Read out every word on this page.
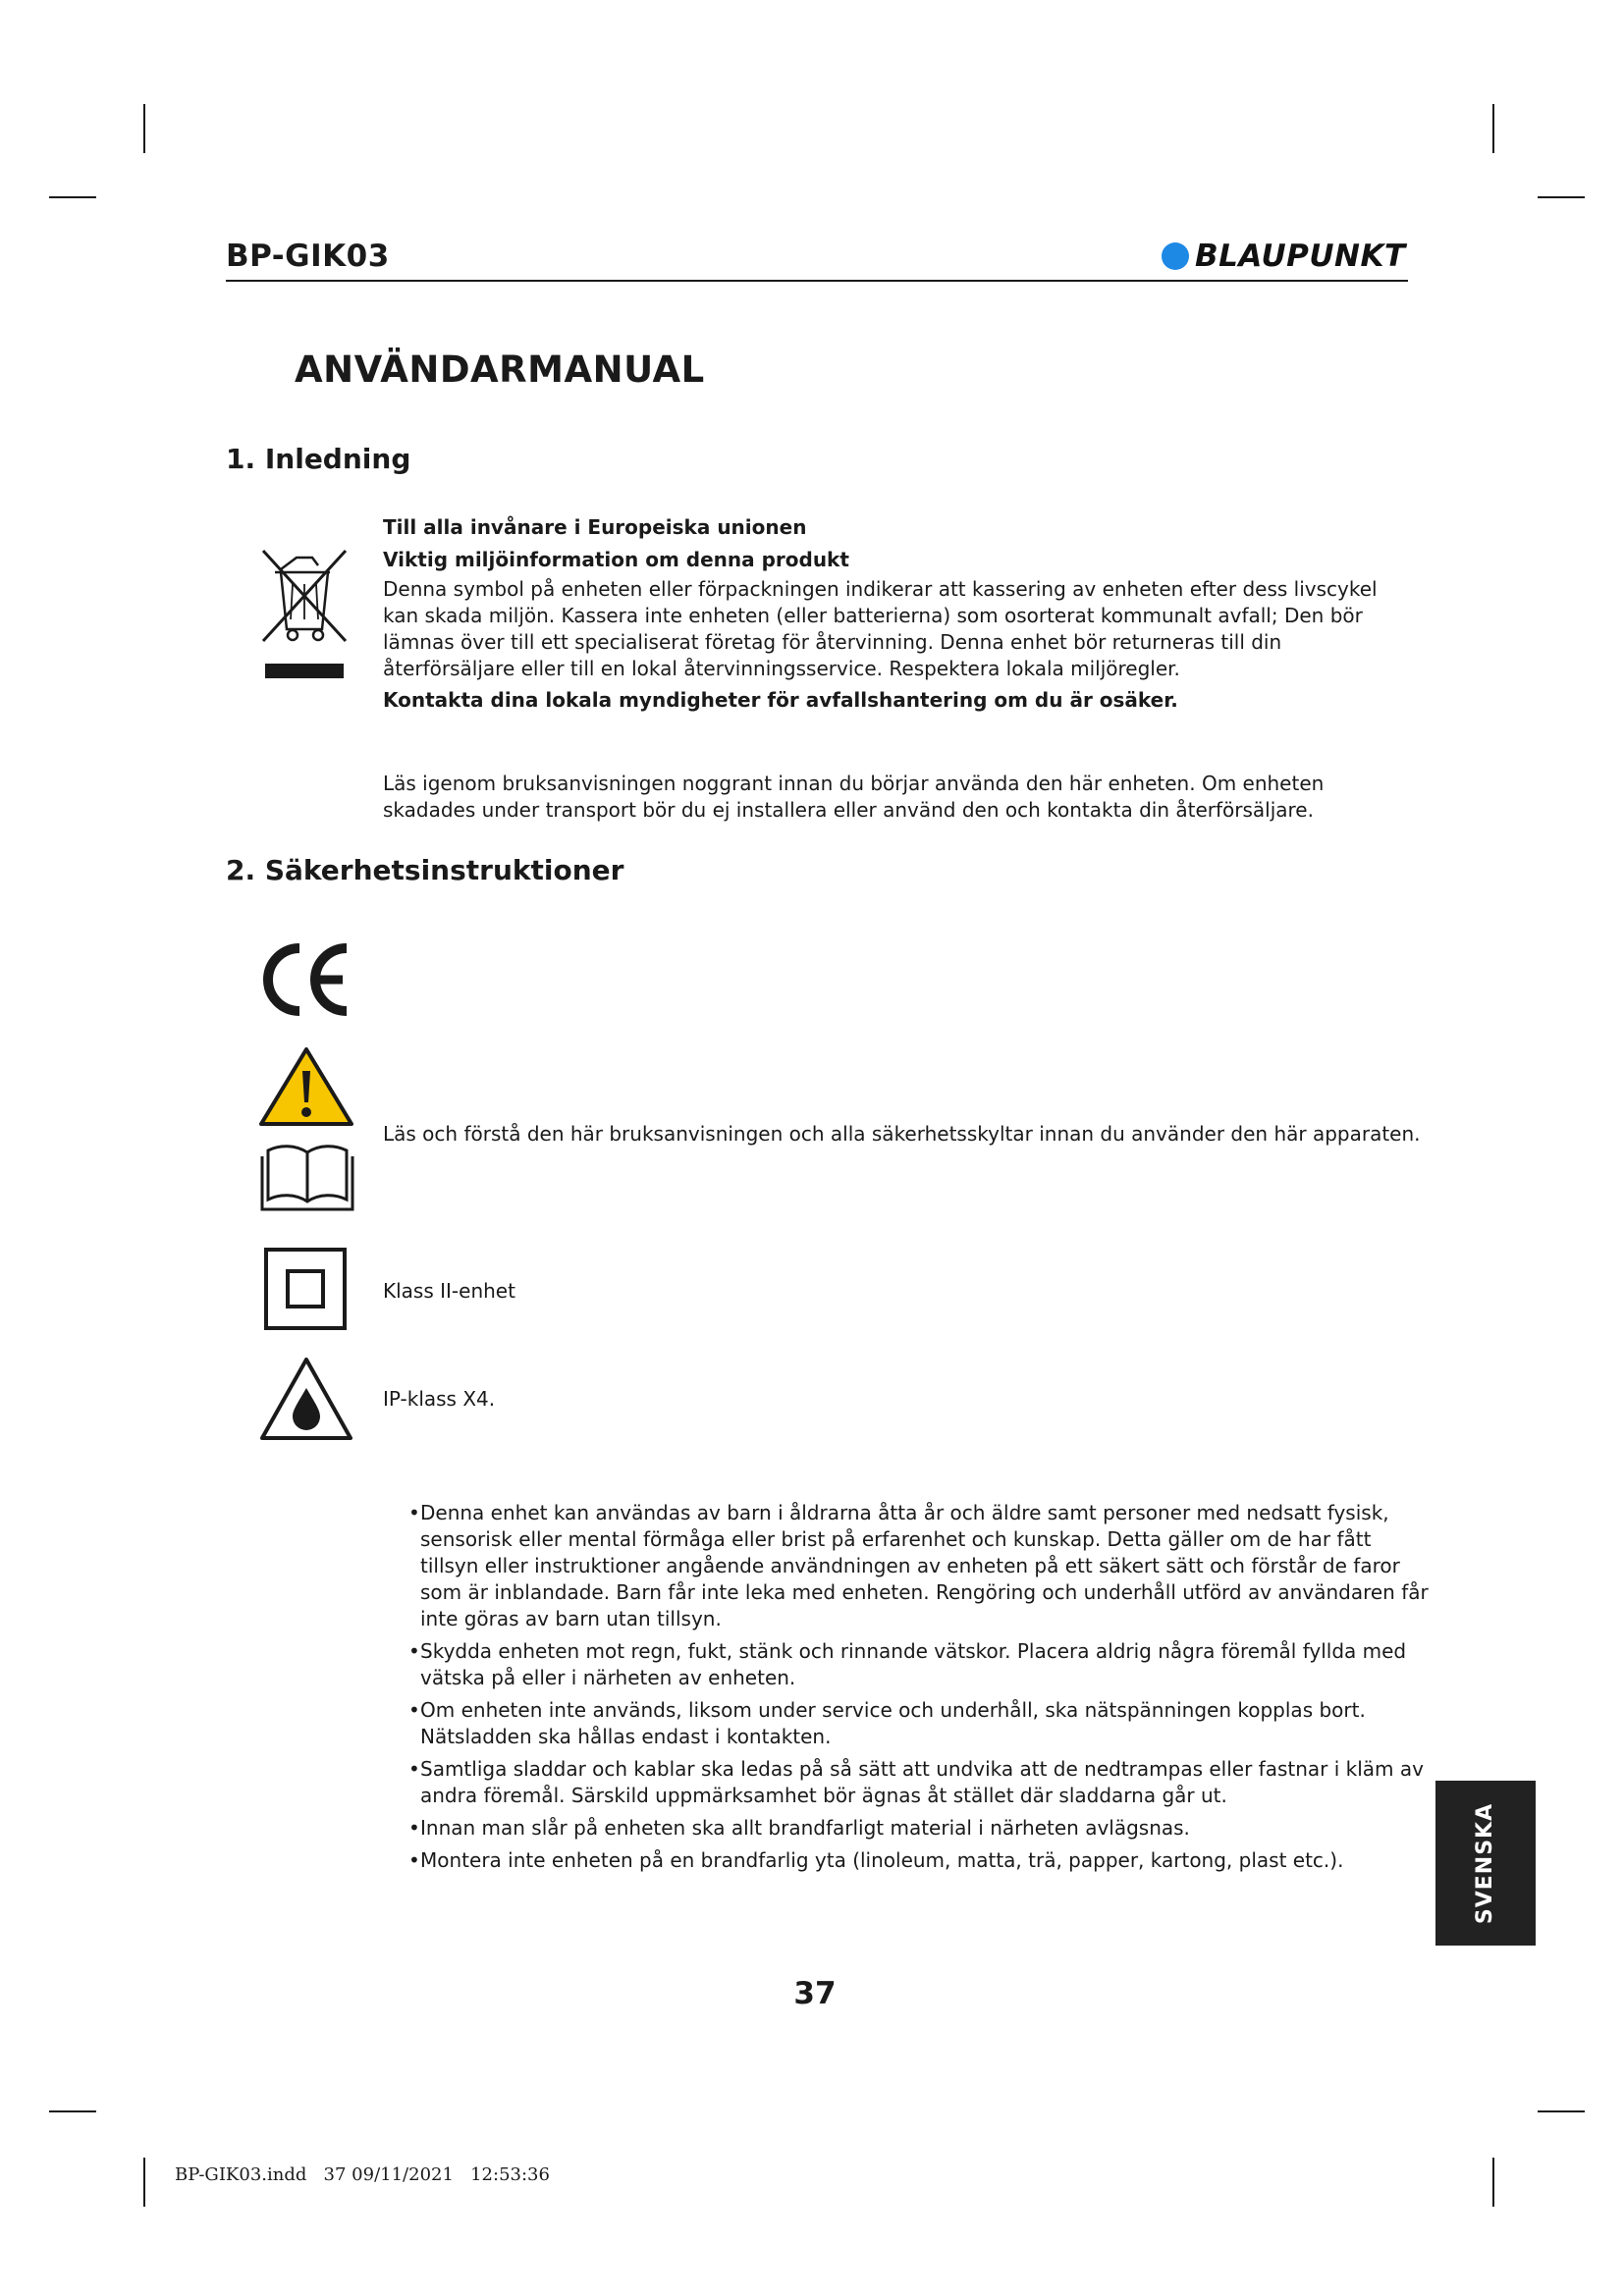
BP-GIK03	BLAUPUNKT
ANVÄNDARMANUAL
1. Inledning
Till alla invånare i Europeiska unionen
Viktig miljöinformation om denna produkt
Denna symbol på enheten eller förpackningen indikerar att kassering av enheten efter dess livscykel kan skada miljön. Kassera inte enheten (eller batterierna) som osorterat kommunalt avfall; Den bör lämnas över till ett specialiserat företag för återvinning. Denna enhet bör returneras till din återförsäljare eller till en lokal återvinningsservice. Respektera lokala miljöregler.
Kontakta dina lokala myndigheter för avfallshantering om du är osäker.
Läs igenom bruksanvisningen noggrant innan du börjar använda den här enheten. Om enheten skadades under transport bör du ej installera eller använd den och kontakta din återförsäljare.
2. Säkerhetsinstruktioner
Läs och förstå den här bruksanvisningen och alla säkerhetsskyltar innan du använder den här apparaten.
Klass II-enhet
IP-klass X4.
• Denna enhet kan användas av barn i åldrarna åtta år och äldre samt personer med nedsatt fysisk, sensorisk eller mental förmåga eller brist på erfarenhet och kunskap. Detta gäller om de har fått tillsyn eller instruktioner angående användningen av enheten på ett säkert sätt och förstår de faror som är inblandade. Barn får inte leka med enheten. Rengöring och underhåll utförd av användaren får inte göras av barn utan tillsyn.
• Skydda enheten mot regn, fukt, stänk och rinnande vätskor. Placera aldrig några föremål fyllda med vätska på eller i närheten av enheten.
• Om enheten inte används, liksom under service och underhåll, ska nätspänningen kopplas bort. Nätsladden ska hållas endast i kontakten.
• Samtliga sladdar och kablar ska ledas på så sätt att undvika att de nedtrampas eller fastnar i kläm av andra föremål. Särskild uppmärksamhet bör ägnas åt stället där sladdarna går ut.
• Innan man slår på enheten ska allt brandfarligt material i närheten avlägsnas.
• Montera inte enheten på en brandfarlig yta (linoleum, matta, trä, papper, kartong, plast etc.).	SVENSKA
37
BP-GIK03.indd   37 09/11/2021   12:53:36
